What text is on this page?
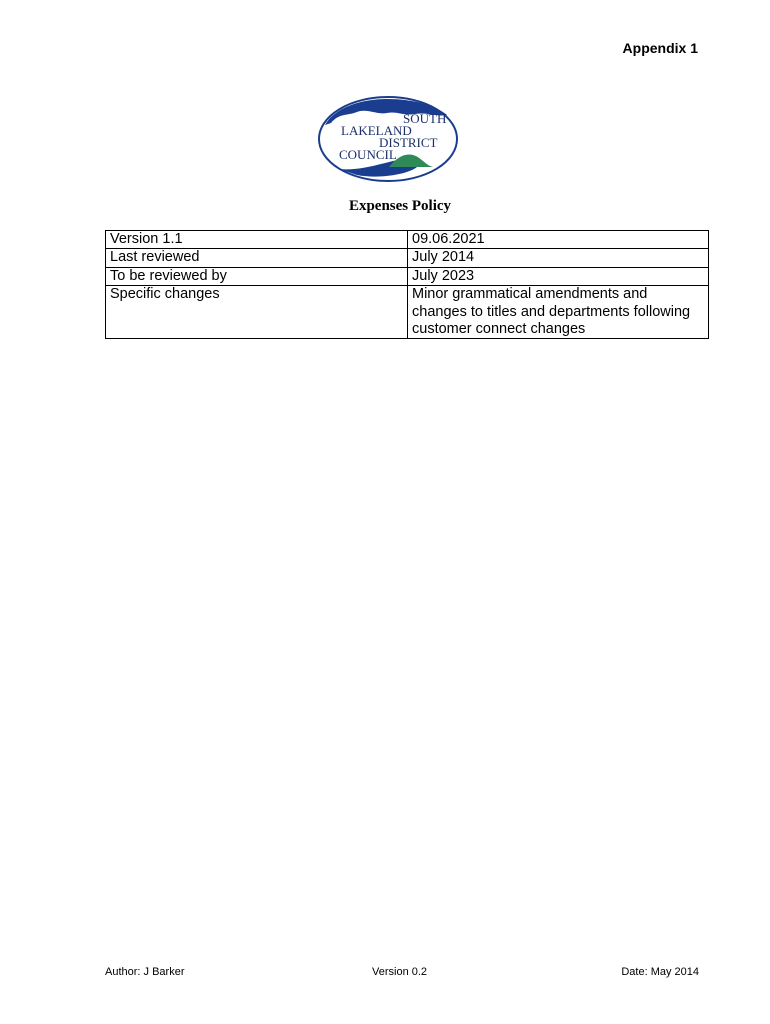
Appendix 1
SOUTH
LAKELAND
DISTRICT
COUNCIL
Expenses Policy
Version 1.1	09.06.2021
Last reviewed	July 2014
To be reviewed by	July 2023
Specific changes	Minor grammatical amendments and changes to titles and departments following customer connect changes
Author: J Barker	Version 0.2	Date: May 2014
